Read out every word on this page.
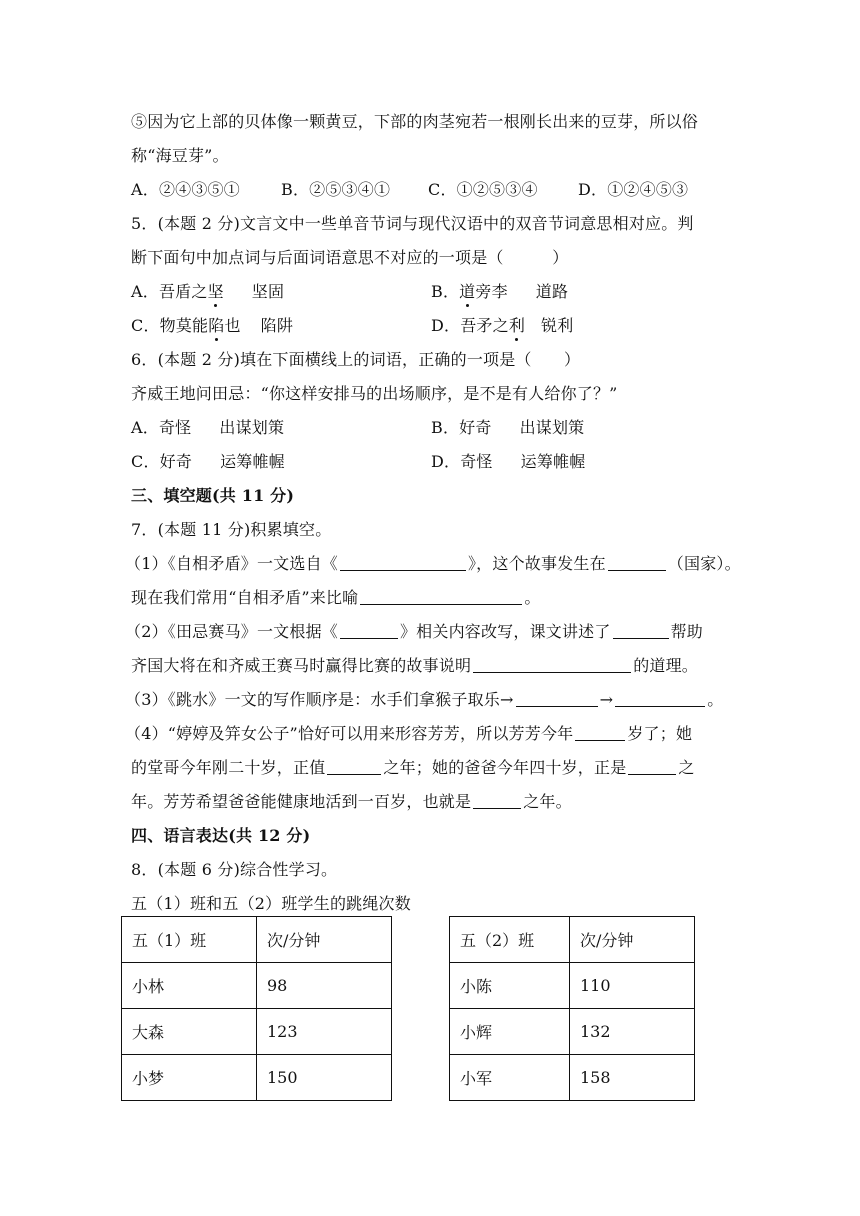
⑤因为它上部的贝体像一颗黄豆，下部的肉茎宛若一根刚长出来的豆芽，所以俗
称“海豆芽”。
A．②④③⑤①	B．②⑤③④① C．①②⑤③④	D．①②④⑤③
5．(本题 2 分)文言文中一些单音节词与现代汉语中的双音节词意思相对应。判
断下面句中加点词与后面词语意思不对应的一项是（　　　）
A．吾盾之坚 坚固	B．道旁李 道路
C．物莫能陷也 陷阱	D．吾矛之利 锐利
6．(本题 2 分)填在下面横线上的词语，正确的一项是（　　）
齐威王地问田忌：“你这样安排马的出场顺序，是不是有人给你了？”
A．奇怪 出谋划策	B．好奇 出谋划策
C．好奇 运筹帷幄	D．奇怪 运筹帷幄
三、填空题(共 11 分)
7．(本题 11 分)积累填空。
（1）《自相矛盾》一文选自《	》，这个故事发生在	（国家）。
现在我们常用“自相矛盾”来比喻	。
（2）《田忌赛马》一文根据《	》相关内容改写，课文讲述了	帮助
齐国大将在和齐威王赛马时赢得比赛的故事说明	的道理。
（3）《跳水》一文的写作顺序是：水手们拿猴子取乐→	→	。
（4）“婷婷及笄女公子”恰好可以用来形容芳芳，所以芳芳今年	岁了；她
的堂哥今年刚二十岁，正值	之年；她的爸爸今年四十岁，正是	之
年。芳芳希望爸爸能健康地活到一百岁，也就是	之年。
四、语言表达(共 12 分)
8．(本题 6 分)综合性学习。
五（1）班和五（2）班学生的跳绳次数
五（1）班	次/分钟
小林	98
大森	123
小梦	150
五（2）班	次/分钟
小陈	110
小辉	132
小军	158
